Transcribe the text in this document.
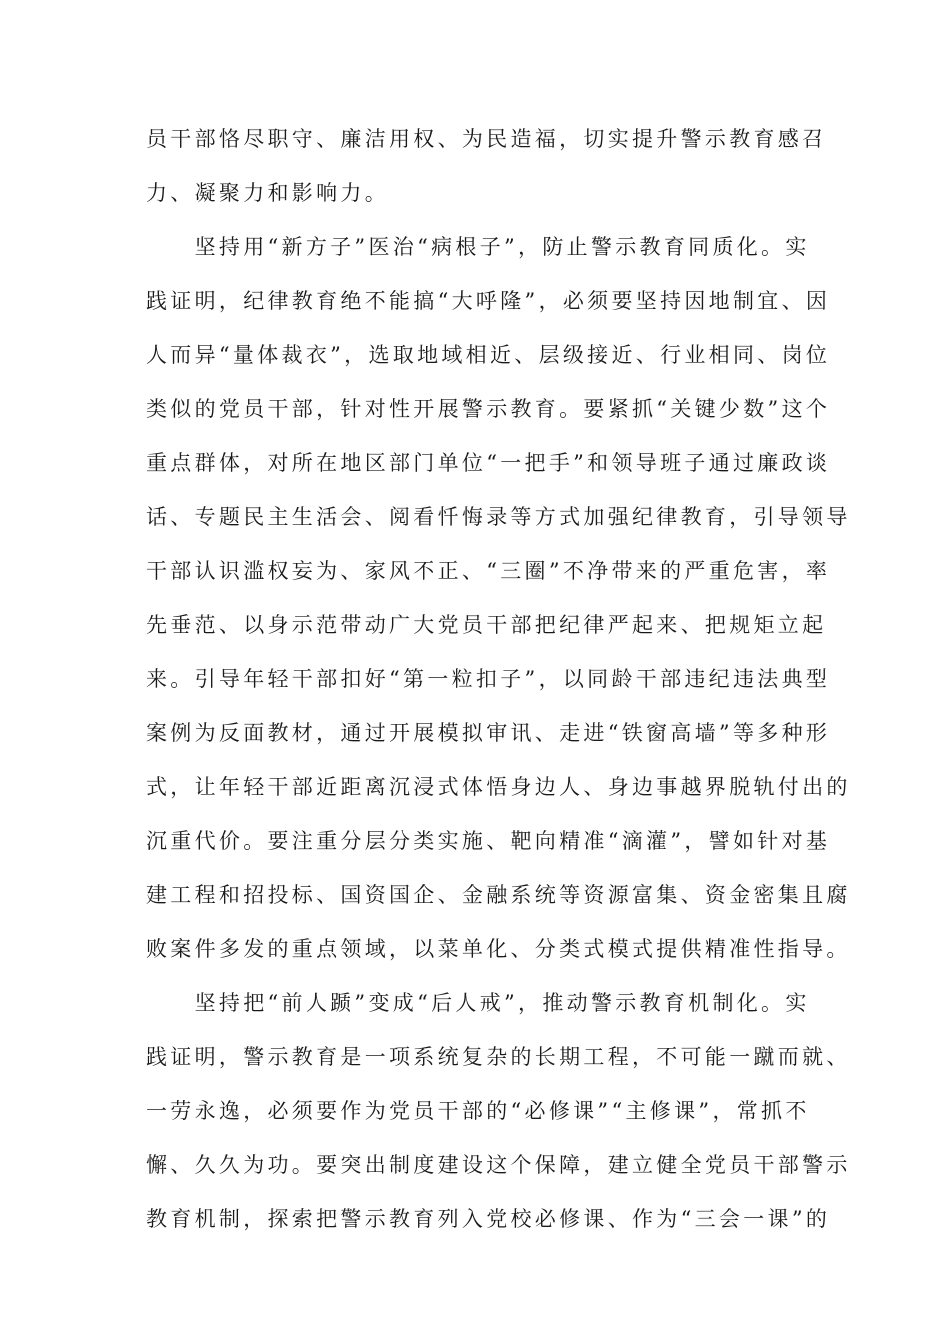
员干部恪尽职守、廉洁用权、为民造福，切实提升警示教育感召
力、凝聚力和影响力。
　　坚持用“新方子”医治“病根子”，防止警示教育同质化。实
践证明，纪律教育绝不能搞“大呼隆”，必须要坚持因地制宜、因
人而异“量体裁衣”，选取地域相近、层级接近、行业相同、岗位
类似的党员干部，针对性开展警示教育。要紧抓“关键少数”这个
重点群体，对所在地区部门单位“一把手”和领导班子通过廉政谈
话、专题民主生活会、阅看忏悔录等方式加强纪律教育，引导领导
干部认识滥权妄为、家风不正、“三圈”不净带来的严重危害，率
先垂范、以身示范带动广大党员干部把纪律严起来、把规矩立起
来。引导年轻干部扣好“第一粒扣子”，以同龄干部违纪违法典型
案例为反面教材，通过开展模拟审讯、走进“铁窗高墙”等多种形
式，让年轻干部近距离沉浸式体悟身边人、身边事越界脱轨付出的
沉重代价。要注重分层分类实施、靶向精准“滴灌”，譬如针对基
建工程和招投标、国资国企、金融系统等资源富集、资金密集且腐
败案件多发的重点领域，以菜单化、分类式模式提供精准性指导。
　　坚持把“前人踬”变成“后人戒”，推动警示教育机制化。实
践证明，警示教育是一项系统复杂的长期工程，不可能一蹴而就、
一劳永逸，必须要作为党员干部的“必修课”“主修课”，常抓不
懈、久久为功。要突出制度建设这个保障，建立健全党员干部警示
教育机制，探索把警示教育列入党校必修课、作为“三会一课”的
